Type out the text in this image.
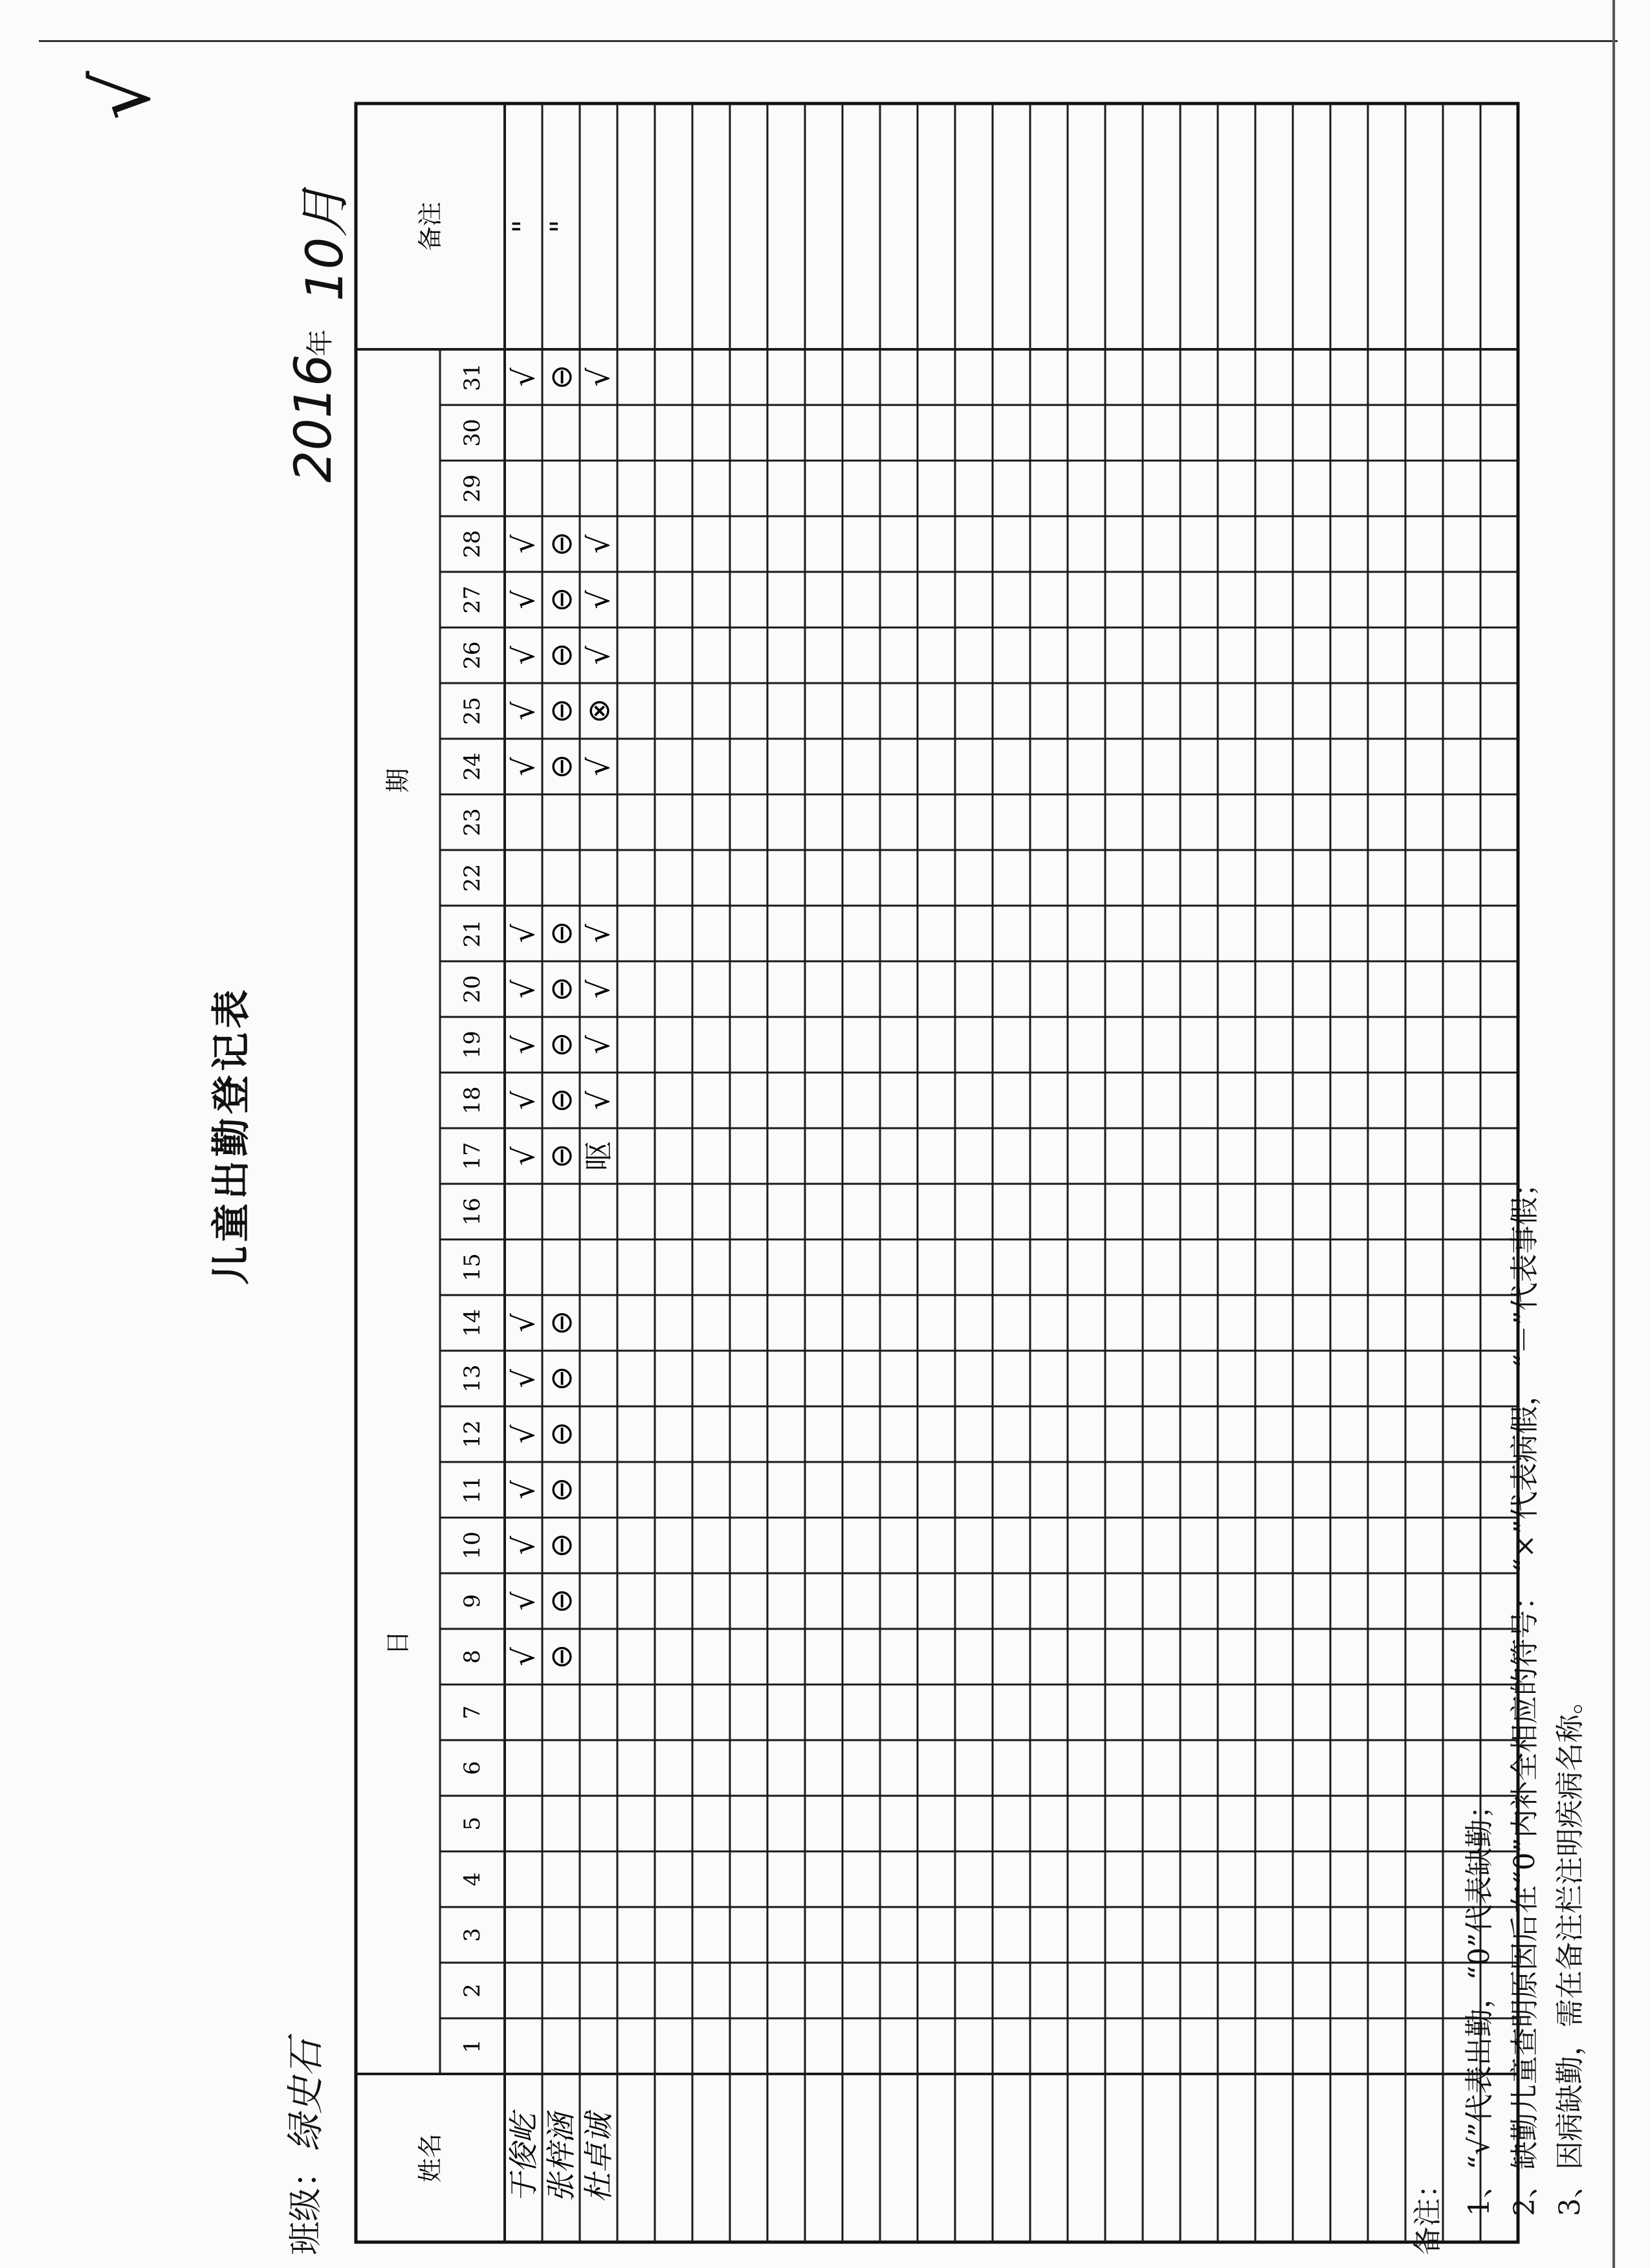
儿童出勤登记表
班级：
绿史石
2016
年
10月
√
姓名
日
期
备注
1
2
3
4
5
6
7
8
9
10
11
12
13
14
15
16
17
18
19
20
21
22
23
24
25
26
27
28
29
30
31
于俊屹
√
√
√
√
√
√
√
√
√
√
√
√
√
√
√
√
√
√
"
张梓涵
⊖
⊖
⊖
⊖
⊖
⊖
⊖
⊖
⊖
⊖
⊖
⊖
⊖
⊖
⊖
⊖
⊖
⊖
"
杜卓诚
呕
√
√
√
√
√
⊗
√
√
√
√
备注： 1、“√”代表出勤，“0”代表缺勤； 2、缺勤儿童查明原因后在“0”内补全相应的符号： “×”代表病假， “－”代表事假； 3、因病缺勤，需在备注栏注明疾病名称。
